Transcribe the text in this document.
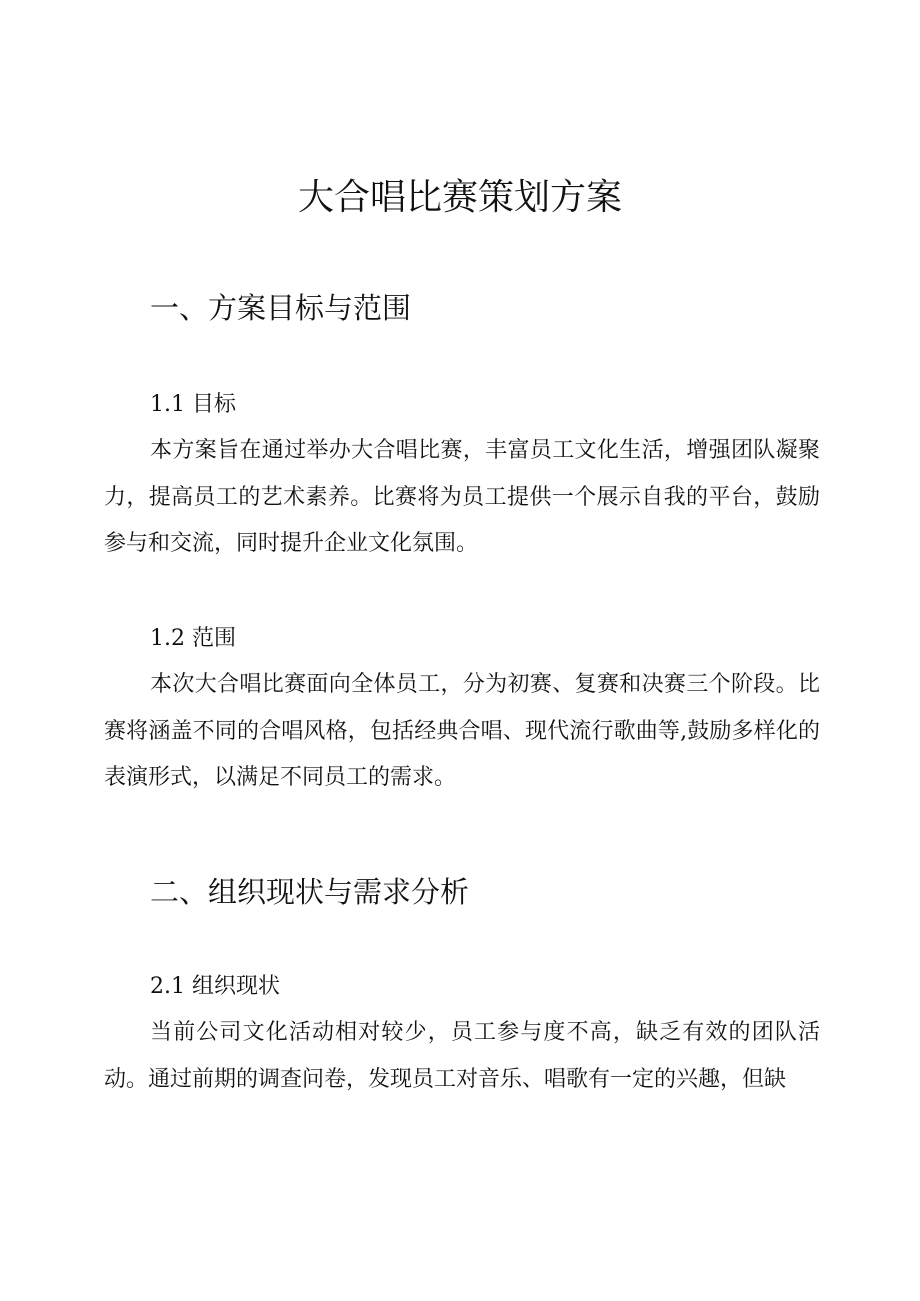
大合唱比赛策划方案
一、方案目标与范围
1.1 目标

本方案旨在通过举办大合唱比赛，丰富员工文化生活，增强团队凝聚力，提高员工的艺术素养。比赛将为员工提供一个展示自我的平台，鼓励参与和交流，同时提升企业文化氛围。

1.2 范围

本次大合唱比赛面向全体员工，分为初赛、复赛和决赛三个阶段。比赛将涵盖不同的合唱风格，包括经典合唱、现代流行歌曲等,鼓励多样化的表演形式，以满足不同员工的需求。

二、组织现状与需求分析
2.1 组织现状

当前公司文化活动相对较少，员工参与度不高，缺乏有效的团队活动。通过前期的调查问卷，发现员工对音乐、唱歌有一定的兴趣，但缺
